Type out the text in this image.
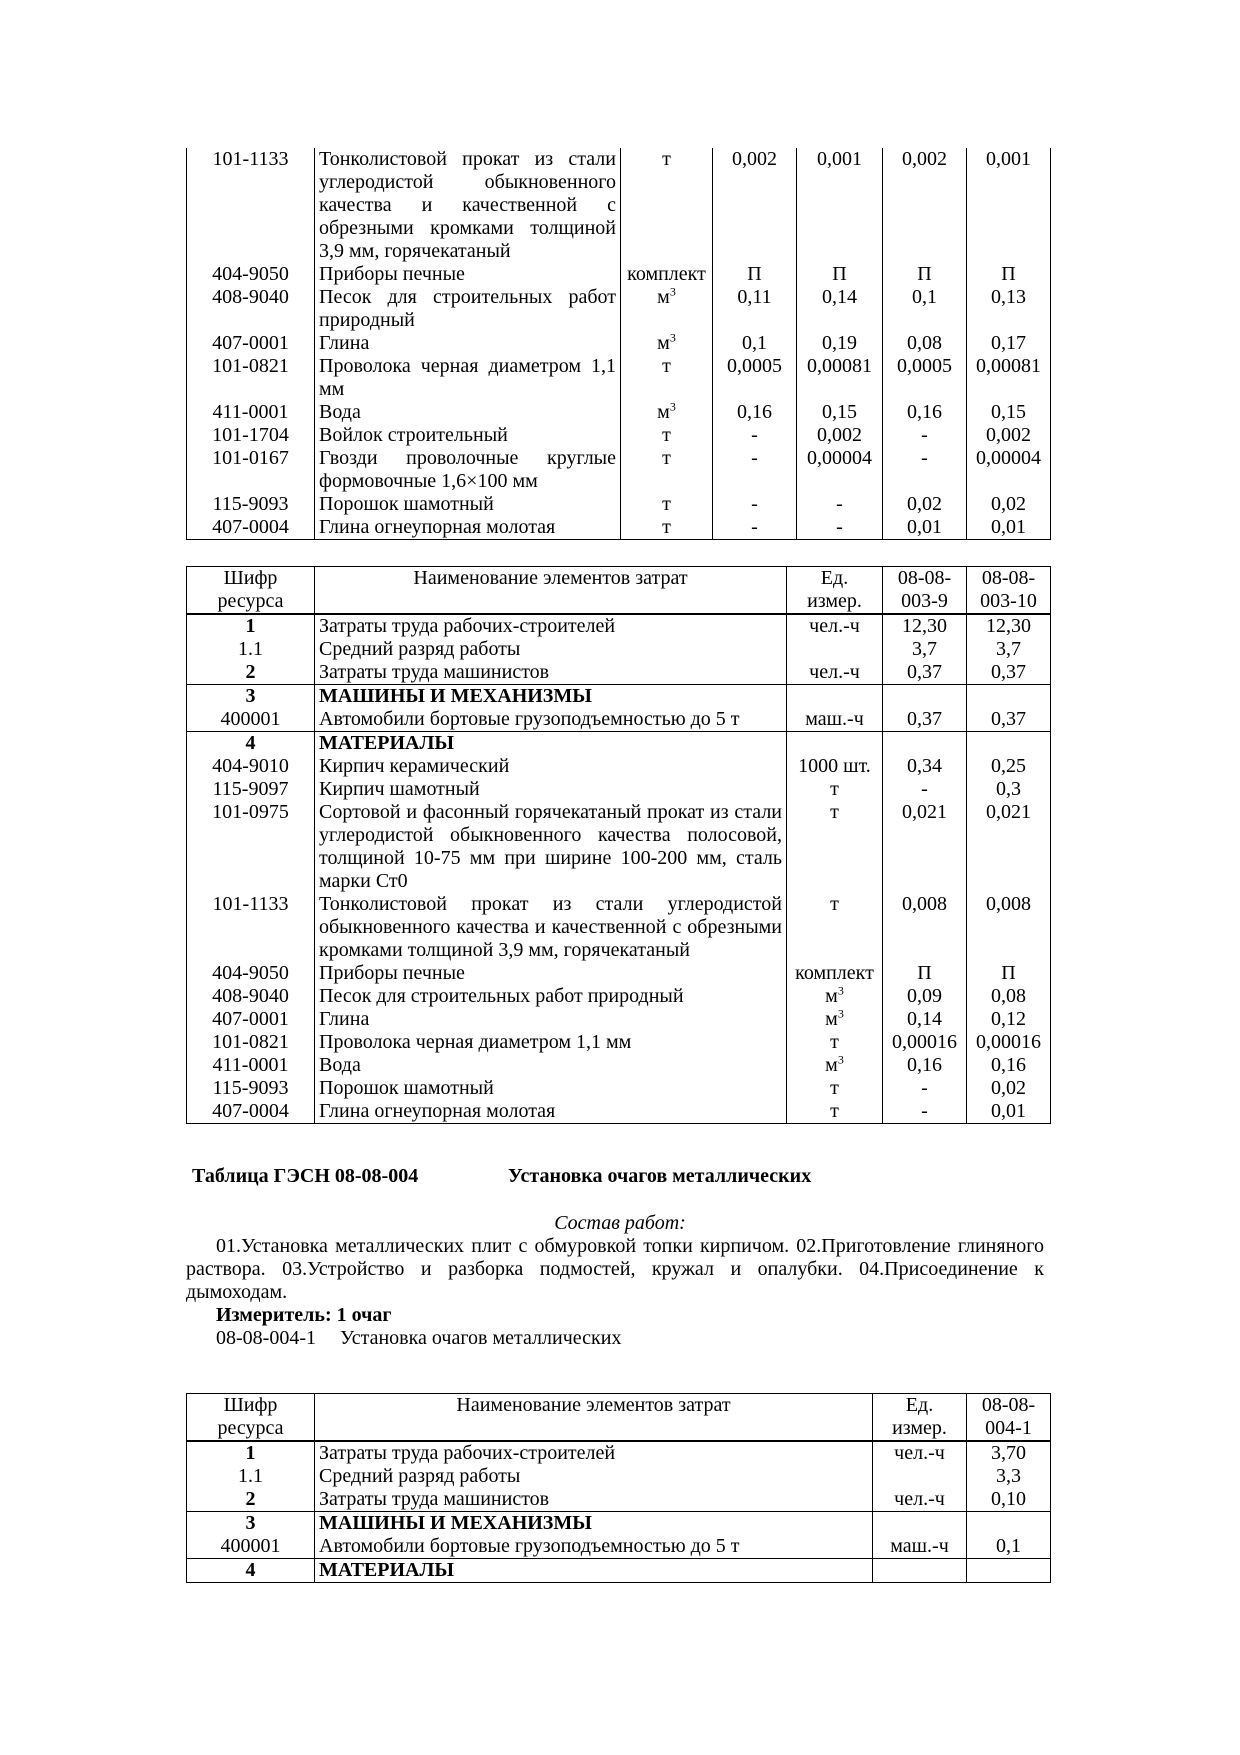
101-1133	Тонколистовой прокат из стали углеродистой обыкновенного качества и качественной с обрезными кромками толщиной 3,9 мм, горячекатаный	т	0,002	0,001	0,002	0,001
404-9050	Приборы печные	комплект	П	П	П	П
408-9040	Песок для строительных работ природный	$м^3$	0,11	0,14	0,1	0,13
407-0001	Глина	$м^3$	0,1	0,19	0,08	0,17
101-0821	Проволока черная диаметром 1,1 мм	т	0,0005	0,00081	0,0005	0,00081
411-0001	Вода	$м^3$	0,16	0,15	0,16	0,15
101-1704	Войлок строительный	т	-	0,002	-	0,002
101-0167	Гвозди проволочные круглые формовочные 1,6×100 мм	т	-	0,00004	-	0,00004
115-9093	Порошок шамотный	т	-	-	0,02	0,02
407-0004	Глина огнеупорная молотая	т	-	-	0,01	0,01
Шифр ресурса	Наименование элементов затрат	Ед. измер.	08-08-003-9	08-08-003-10
1	Затраты труда рабочих-строителей	чел.-ч	12,30	12,30
1.1	Средний разряд работы		3,7	3,7
2	Затраты труда машинистов	чел.-ч	0,37	0,37
3	МАШИНЫ И МЕХАНИЗМЫ			
400001	Автомобили бортовые грузоподъемностью до 5 т	маш.-ч	0,37	0,37
4	МАТЕРИАЛЫ			
404-9010	Кирпич керамический	1000 шт.	0,34	0,25
115-9097	Кирпич шамотный	т	-	0,3
101-0975	Сортовой и фасонный горячекатаный прокат из стали углеродистой обыкновенного качества полосовой, толщиной 10-75 мм при ширине 100-200 мм, сталь марки Ст0	т	0,021	0,021
101-1133	Тонколистовой прокат из стали углеродистой обыкновенного качества и качественной с обрезными кромками толщиной 3,9 мм, горячекатаный	т	0,008	0,008
404-9050	Приборы печные	комплект	П	П
408-9040	Песок для строительных работ природный	$м^3$	0,09	0,08
407-0001	Глина	$м^3$	0,14	0,12
101-0821	Проволока черная диаметром 1,1 мм	т	0,00016	0,00016
411-0001	Вода	$м^3$	0,16	0,16
115-9093	Порошок шамотный	т	-	0,02
407-0004	Глина огнеупорная молотая	т	-	0,01
Таблица ГЭСН 08-08-004	Установка очагов металлических
Состав работ:
01.Установка металлических плит с обмуровкой топки кирпичом. 02.Приготовление глиняного раствора. 03.Устройство и разборка подмостей, кружал и опалубки. 04.Присоединение к дымоходам.
Измеритель: 1 очаг
08-08-004-1 Установка очагов металлических
Шифр ресурса	Наименование элементов затрат	Ед. измер.	08-08-004-1
1	Затраты труда рабочих-строителей	чел.-ч	3,70
1.1	Средний разряд работы		3,3
2	Затраты труда машинистов	чел.-ч	0,10
3	МАШИНЫ И МЕХАНИЗМЫ		
400001	Автомобили бортовые грузоподъемностью до 5 т	маш.-ч	0,1
4	МАТЕРИАЛЫ		
